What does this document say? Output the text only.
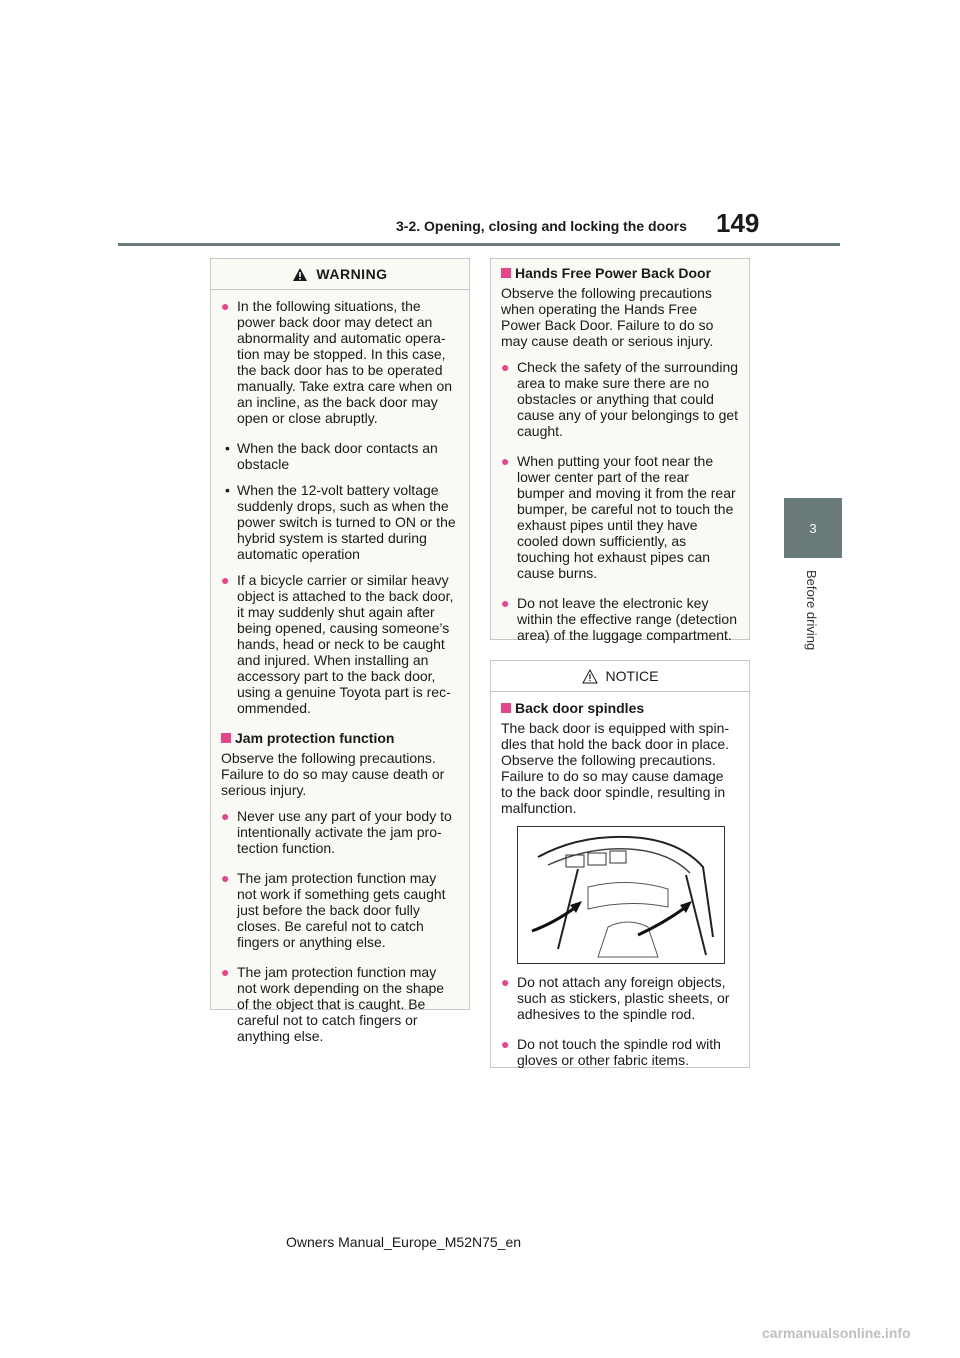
3-2. Opening, closing and locking the doors 149
3
Before driving
WARNING

● In the following situations, the power back door may detect an abnormality and automatic opera- tion may be stopped. In this case, the back door has to be operated manually. Take extra care when on an incline, as the back door may open or close abruptly.

• When the back door contacts an obstacle

• When the 12-volt battery voltage suddenly drops, such as when the power switch is turned to ON or the hybrid system is started during automatic operation

● If a bicycle carrier or similar heavy object is attached to the back door, it may suddenly shut again after being opened, causing someone’s hands, head or neck to be caught and injured. When installing an accessory part to the back door, using a genuine Toyota part is rec- ommended.

Jam protection function

Observe the following precautions. Failure to do so may cause death or serious injury.

● Never use any part of your body to intentionally activate the jam pro- tection function.

● The jam protection function may not work if something gets caught just before the back door fully closes. Be careful not to catch fingers or anything else.

● The jam protection function may not work depending on the shape of the object that is caught. Be careful not to catch fingers or anything else.

Hands Free Power Back Door

Observe the following precautions when operating the Hands Free Power Back Door. Failure to do so may cause death or serious injury.

● Check the safety of the surrounding area to make sure there are no obstacles or anything that could cause any of your belongings to get caught.

● When putting your foot near the lower center part of the rear bumper and moving it from the rear bumper, be careful not to touch the exhaust pipes until they have cooled down sufficiently, as touching hot exhaust pipes can cause burns.

● Do not leave the electronic key within the effective range (detection area) of the luggage compartment.

NOTICE

Back door spindles

The back door is equipped with spin- dles that hold the back door in place. Observe the following precautions. Failure to do so may cause damage to the back door spindle, resulting in malfunction.

● Do not attach any foreign objects, such as stickers, plastic sheets, or adhesives to the spindle rod.

● Do not touch the spindle rod with gloves or other fabric items.

Owners Manual_Europe_M52N75_en
carmanualsonline.info
